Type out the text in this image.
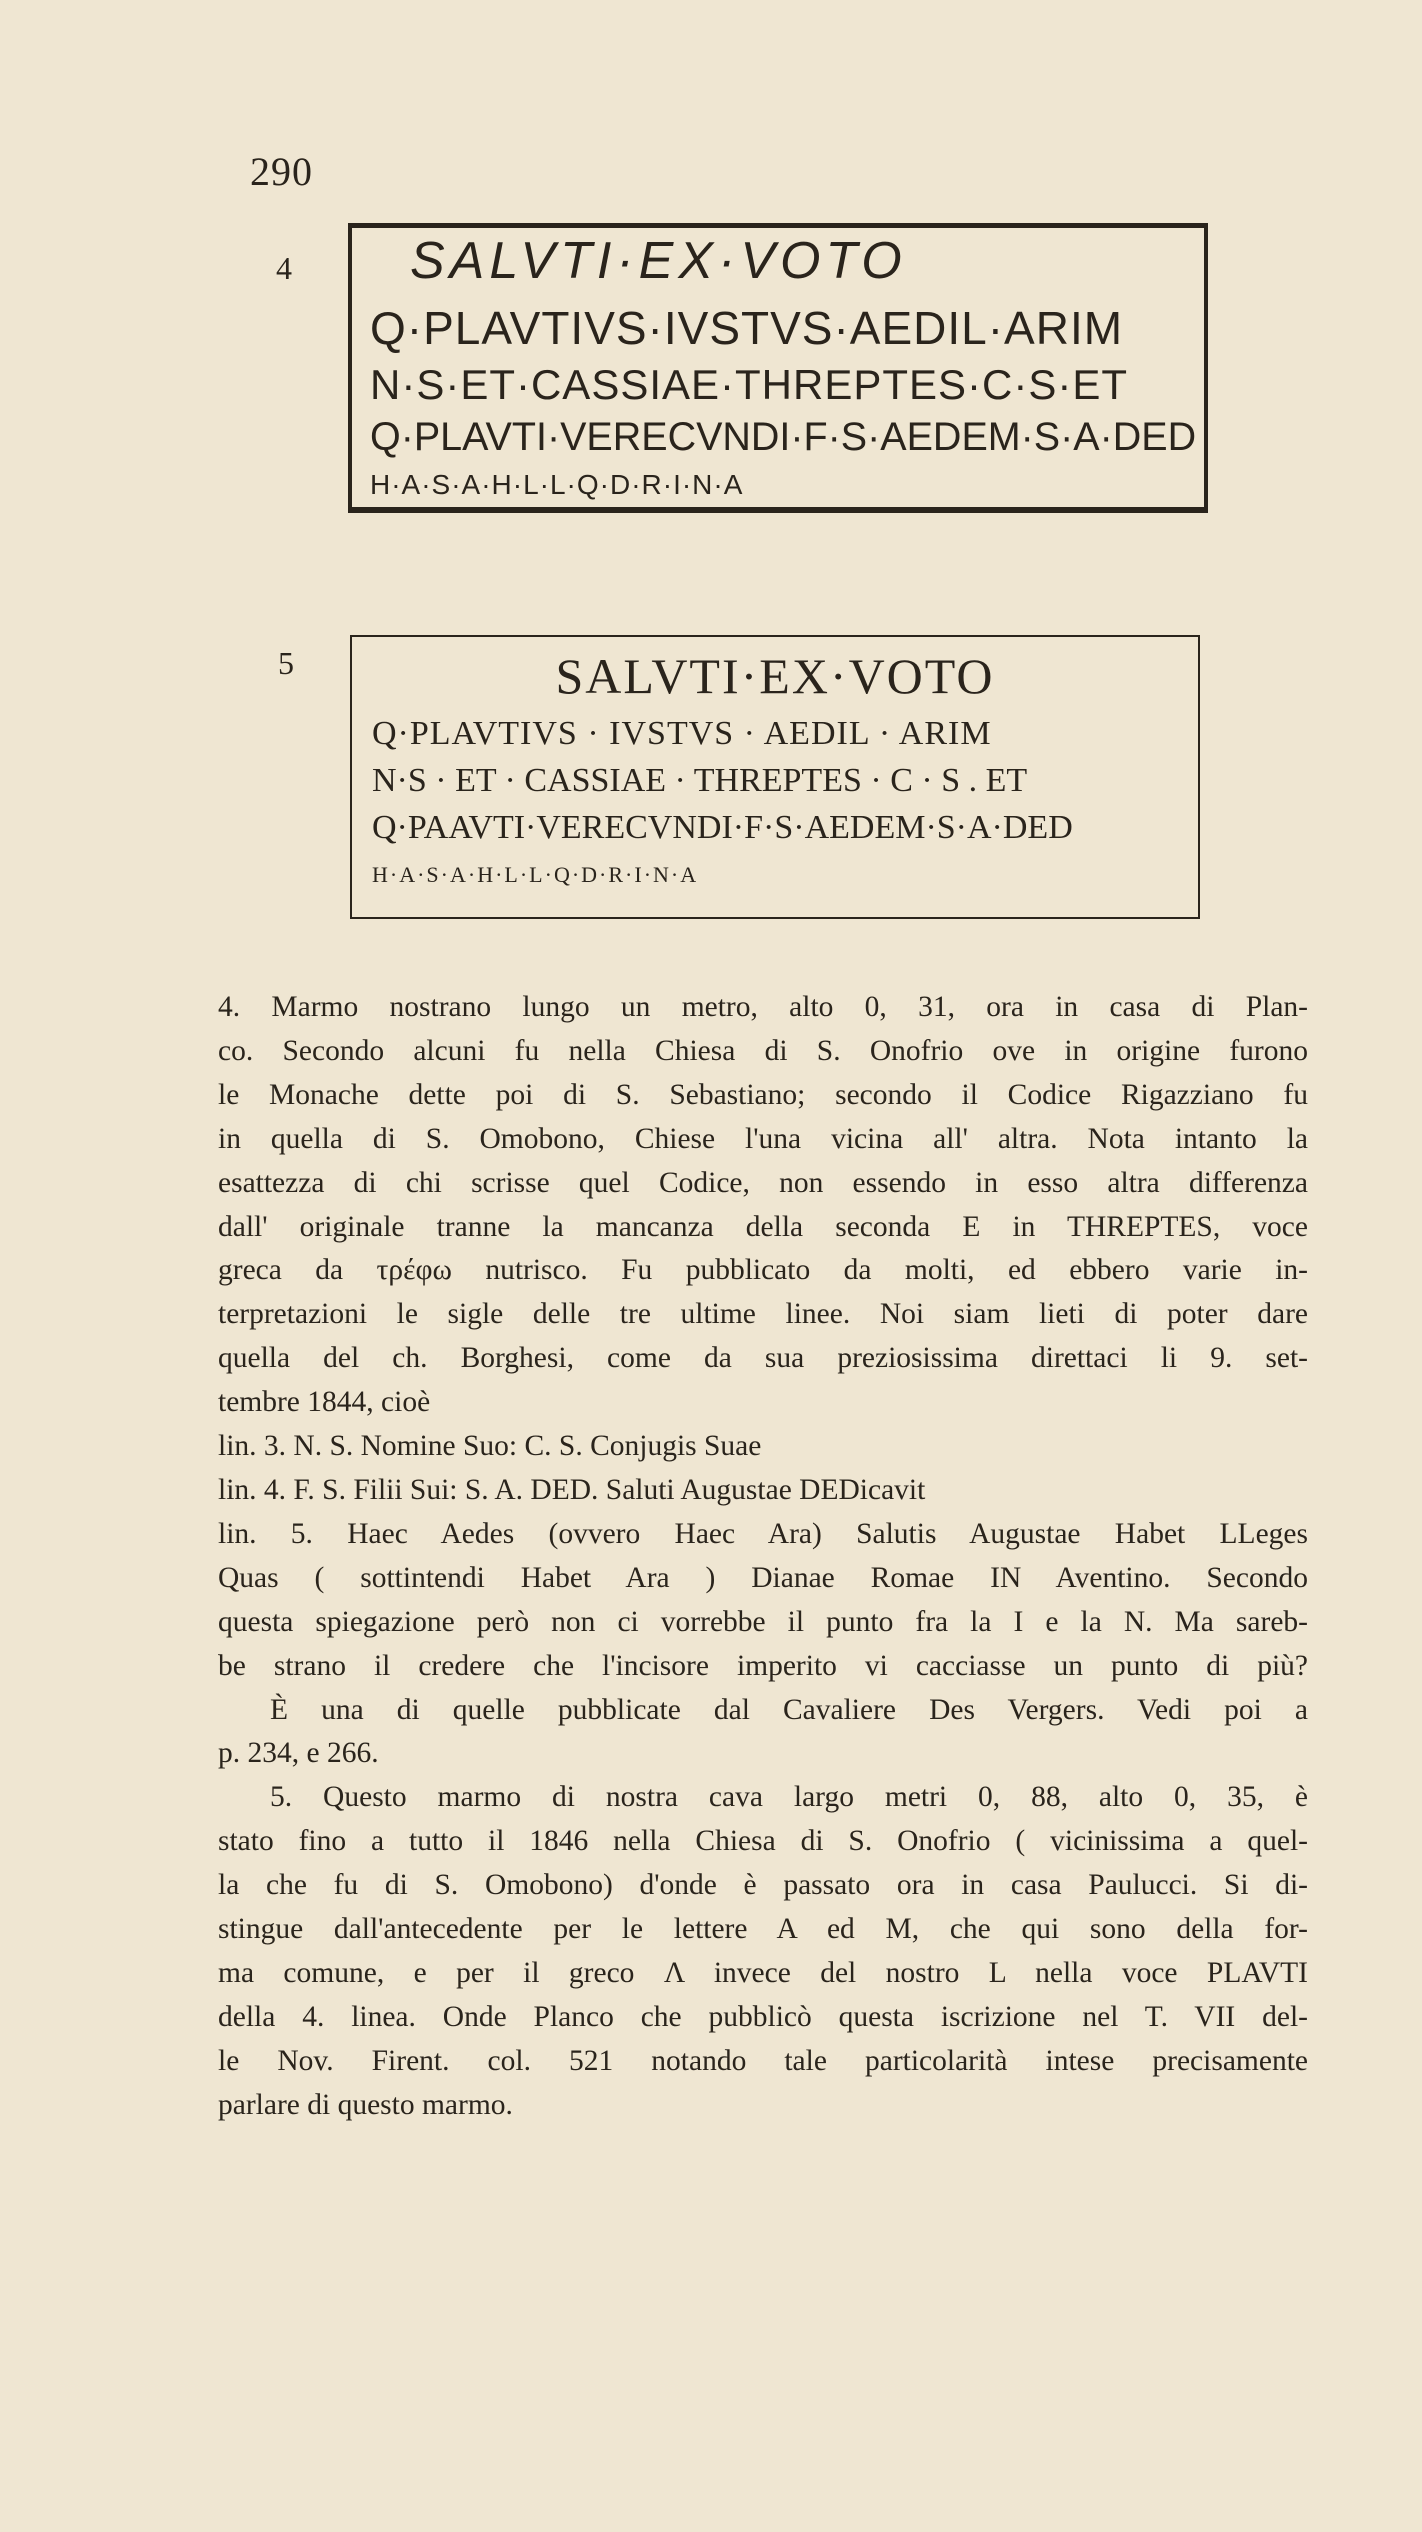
290
4 SALVTI·EX·VOTO
Q·PLAVTIVS·IVSTVS·AEDIL·ARIM
N·S·ET·CASSIAE·THREPTES·C·S·ET
Q·PLAVTI·VERECVNDI·F·S·AEDEM·S·A·DED
H·A·S·A·H·L·L·Q·D·R·I·N·A
5	SALVTI·EX·VOTO
Q·PLAVTIVS · IVSTVS · AEDIL · ARIM
N·S · ET · CASSIAE · THREPTES · C · S . ET
Q·PAAVTI·VERECVNDI·F·S·AEDEM·S·A·DED
H·A·S·A·H·L·L·Q·D·R·I·N·A
4. Marmo nostrano lungo un metro, alto 0, 31, ora in casa di Plan-
co. Secondo alcuni fu nella Chiesa di S. Onofrio ove in origine furono
le Monache dette poi di S. Sebastiano; secondo il Codice Rigazziano fu
in quella di S. Omobono, Chiese l'una vicina all' altra. Nota intanto la
esattezza di chi scrisse quel Codice, non essendo in esso altra differenza
dall' originale tranne la mancanza della seconda E in THREPTES, voce
greca da τρέφω nutrisco. Fu pubblicato da molti, ed ebbero varie in-
terpretazioni le sigle delle tre ultime linee. Noi siam lieti di poter dare
quella del ch. Borghesi, come da sua preziosissima direttaci li 9. set-
tembre 1844, cioè
lin. 3. N. S. Nomine Suo: C. S. Conjugis Suae
lin. 4. F. S. Filii Sui: S. A. DED. Saluti Augustae DEDicavit
lin. 5. Haec Aedes (ovvero Haec Ara) Salutis Augustae Habet LLeges
Quas ( sottintendi Habet Ara ) Dianae Romae IN Aventino. Secondo
questa spiegazione però non ci vorrebbe il punto fra la I e la N. Ma sareb-
be strano il credere che l'incisore imperito vi cacciasse un punto di più?
È una di quelle pubblicate dal Cavaliere Des Vergers. Vedi poi a
p. 234, e 266.
5. Questo marmo di nostra cava largo metri 0, 88, alto 0, 35, è
stato fino a tutto il 1846 nella Chiesa di S. Onofrio ( vicinissima a quel-
la che fu di S. Omobono) d'onde è passato ora in casa Paulucci. Si di-
stingue dall'antecedente per le lettere A ed M, che qui sono della for-
ma comune, e per il greco Λ invece del nostro L nella voce PLAVTI
della 4. linea. Onde Planco che pubblicò questa iscrizione nel T. VII del-
le Nov. Firent. col. 521 notando tale particolarità intese precisamente
parlare di questo marmo.
